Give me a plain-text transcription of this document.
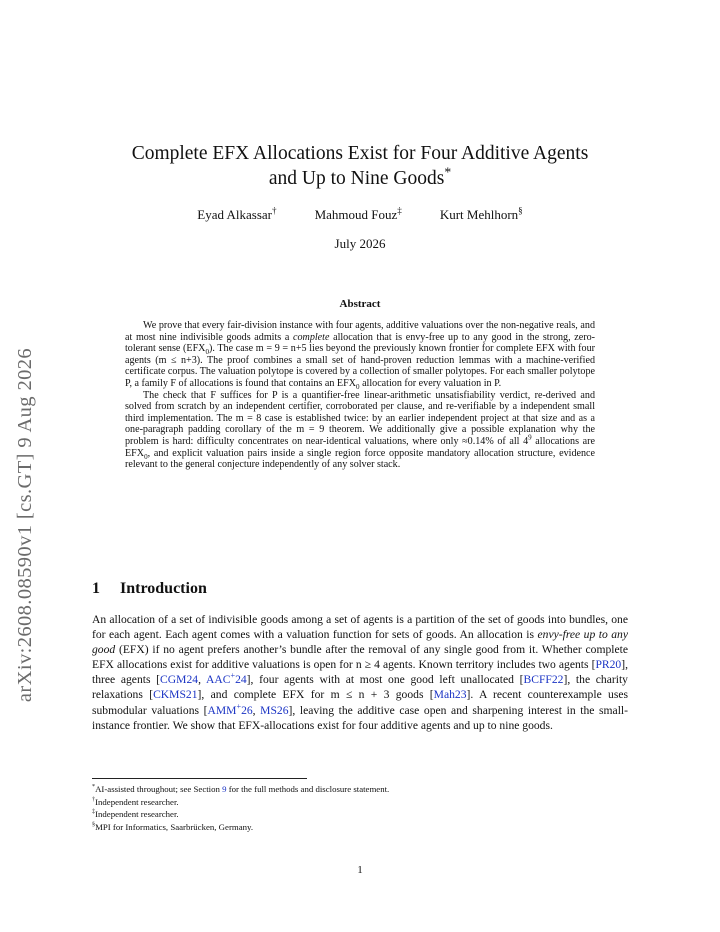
arXiv:2608.08590v1 [cs.GT] 9 Aug 2026
Complete EFX Allocations Exist for Four Additive Agents
and Up to Nine Goods*
Eyad Alkassar†	Mahmoud Fouz‡	Kurt Mehlhorn§
July 2026
Abstract

We prove that every fair-division instance with four agents, additive valuations over the non-negative reals, and at most nine indivisible goods admits a complete allocation that is envy-free up to any good in the strong, zero-tolerant sense $(EFX_0)$. The case m = 9 = n+5 lies beyond the previously known frontier for complete EFX with four agents (m ≤ n+3). The proof combines a small set of hand-proven reduction lemmas with a machine-verified certificate corpus. The valuation polytope is covered by a collection of smaller polytopes. For each smaller polytope P, a family F of allocations is found that contains an $EFX_0$ allocation for every valuation in P.

The check that F suffices for P is a quantifier-free linear-arithmetic unsatisfiability verdict, re-derived and solved from scratch by an independent certifier, corroborated per clause, and re-verifiable by a independent small third implementation. The m = 8 case is established twice: by an earlier independent project at that size and as a one-paragraph padding corollary of the m = 9 theorem. We additionally give a possible explanation why the problem is hard: difficulty concentrates on near-identical valuations, where only ≈0.14% of all $4^9$ allocations are $EFX_0$, and explicit valuation pairs inside a single region force opposite mandatory allocation structure, evidence relevant to the general conjecture independently of any solver stack.

1 Introduction

An allocation of a set of indivisible goods among a set of agents is a partition of the set of goods into bundles, one for each agent. Each agent comes with a valuation function for sets of goods. An allocation is envy-free up to any good (EFX) if no agent prefers another’s bundle after the removal of any single good from it. Whether complete EFX allocations exist for additive valuations is open for n ≥ 4 agents. Known territory includes two agents [PR20], three agents [CGM24, AAC+24], four agents with at most one good left unallocated [BCFF22], the charity relaxations [CKMS21], and complete EFX for m ≤ n + 3 goods [Mah23]. A recent counterexample uses submodular valuations [AMM+26, MS26], leaving the additive case open and sharpening interest in the small-instance frontier. We show that EFX-allocations exist for four additive agents and up to nine goods.

*AI-assisted throughout; see Section 9 for the full methods and disclosure statement.
†Independent researcher.
‡Independent researcher.
§MPI for Informatics, Saarbrücken, Germany.
1
